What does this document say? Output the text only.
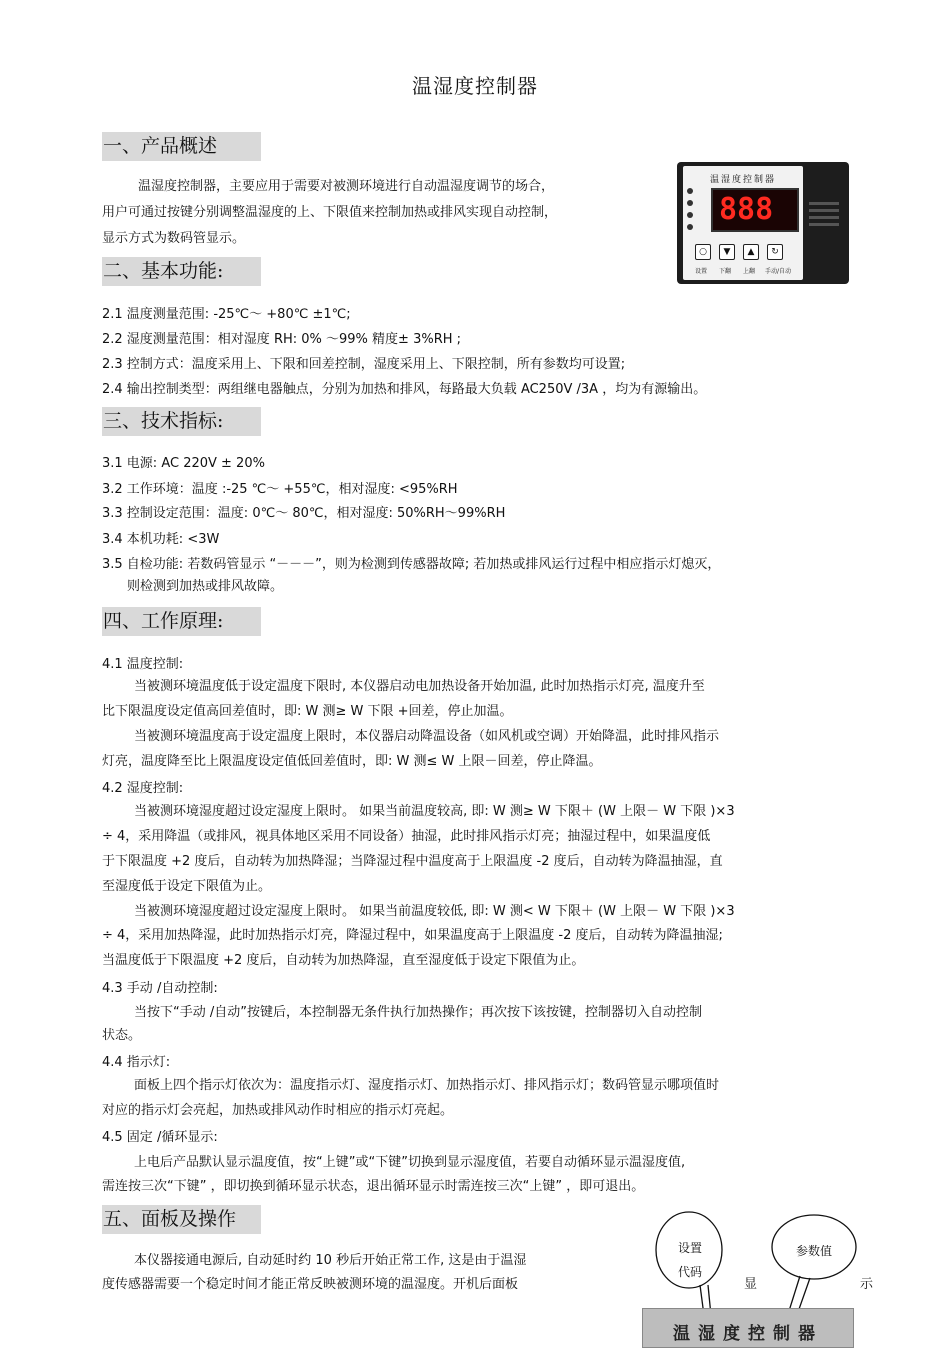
温湿度控制器
一、产品概述
温湿度控制器，主要应用于需要对被测环境进行自动温湿度调节的场合，
用户可通过按键分别调整温湿度的上、下限值来控制加热或排风实现自动控制，
显示方式为数码管显示。
温湿度控制器
888
○	▼	▲	↻
设置 下翻 上翻 手动/自动
二、基本功能:
2.1 温度测量范围: -25℃～ +80℃ ±1℃;
2.2 湿度测量范围：相对湿度 RH: 0% ～99% 精度± 3%RH ;
2.3 控制方式：温度采用上、下限和回差控制，湿度采用上、下限控制，所有参数均可设置;
2.4 输出控制类型：两组继电器触点，分别为加热和排风，每路最大负载 AC250V /3A ，均为有源输出。
三、技术指标:
3.1 电源: AC 220V ± 20%
3.2 工作环境：温度 :-25 ℃～ +55℃，相对湿度: <95%RH
3.3 控制设定范围：温度: 0℃～ 80℃，相对湿度: 50%RH～99%RH
3.4 本机功耗: <3W
3.5 自检功能: 若数码管显示 “－－－”，则为检测到传感器故障; 若加热或排风运行过程中相应指示灯熄灭，
则检测到加热或排风故障。
四、工作原理:
4.1 温度控制:
当被测环境温度低于设定温度下限时, 本仪器启动电加热设备开始加温, 此时加热指示灯亮, 温度升至
比下限温度设定值高回差值时，即: W 测≥ W 下限 +回差，停止加温。
当被测环境温度高于设定温度上限时，本仪器启动降温设备（如风机或空调）开始降温，此时排风指示
灯亮，温度降至比上限温度设定值低回差值时，即: W 测≤ W 上限－回差，停止降温。
4.2 湿度控制:
当被测环境湿度超过设定湿度上限时。 如果当前温度较高, 即: W 测≥ W 下限＋ (W 上限－ W 下限 )×3
÷ 4，采用降温（或排风，视具体地区采用不同设备）抽湿，此时排风指示灯亮；抽湿过程中，如果温度低
于下限温度 +2 度后，自动转为加热降湿；当降湿过程中温度高于上限温度 -2 度后，自动转为降温抽湿，直
至湿度低于设定下限值为止。
当被测环境湿度超过设定湿度上限时。 如果当前温度较低, 即: W 测< W 下限＋ (W 上限－ W 下限 )×3
÷ 4，采用加热降湿，此时加热指示灯亮，降湿过程中，如果温度高于上限温度 -2 度后，自动转为降温抽湿;
当温度低于下限温度 +2 度后，自动转为加热降湿，直至湿度低于设定下限值为止。
4.3 手动 /自动控制:
当按下“手动 /自动”按键后，本控制器无条件执行加热操作；再次按下该按键，控制器切入自动控制
状态。
4.4 指示灯:
面板上四个指示灯依次为：温度指示灯、湿度指示灯、加热指示灯、排风指示灯；数码管显示哪项值时
对应的指示灯会亮起，加热或排风动作时相应的指示灯亮起。
4.5 固定 /循环显示:
上电后产品默认显示温度值，按“上键”或“下键”切换到显示湿度值，若要自动循环显示温湿度值,
需连按三次“下键” ，即切换到循环显示状态，退出循环显示时需连按三次“上键” ，即可退出。
五、面板及操作
本仪器接通电源后, 自动延时约 10 秒后开始正常工作, 这是由于温湿
度传感器需要一个稳定时间才能正常反映被测环境的温湿度。开机后面板	显	示
设置
代码
参数值
温湿度控制器
